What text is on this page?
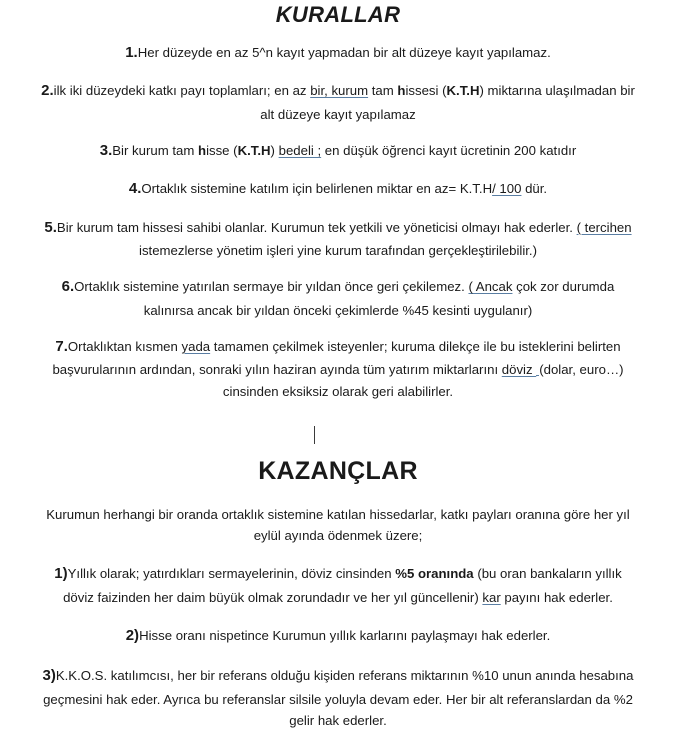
KURALLAR

1.Her düzeyde en az 5^n kayıt yapmadan bir alt düzeye kayıt yapılamaz.

2.ilk iki düzeydeki katkı payı toplamları; en az bir, kurum tam hissesi (K.T.H) miktarına ulaşılmadan bir alt düzeye kayıt yapılamaz

3.Bir kurum tam hisse (K.T.H) bedeli ; en düşük öğrenci kayıt ücretinin 200 katıdır

4.Ortaklık sistemine katılım için belirlenen miktar en az= K.T.H/ 100 dür.

5.Bir kurum tam hissesi sahibi olanlar. Kurumun tek yetkili ve yöneticisi olmayı hak ederler. ( tercihen istemezlerse yönetim işleri yine kurum tarafından gerçekleştirilebilir.)

6.Ortaklık sistemine yatırılan sermaye bir yıldan önce geri çekilemez. ( Ancak çok zor durumda kalınırsa ancak bir yıldan önceki çekimlerde %45 kesinti uygulanır)

7.Ortaklıktan kısmen yada tamamen çekilmek isteyenler; kuruma dilekçe ile bu isteklerini belirten başvurularının ardından, sonraki yılın haziran ayında tüm yatırım miktarlarını döviz (dolar, euro…) cinsinden eksiksiz olarak geri alabilirler.

KAZANÇLAR

Kurumun herhangi bir oranda ortaklık sistemine katılan hissedarlar, katkı payları oranına göre her yıl eylül ayında ödenmek üzere;

1)Yıllık olarak; yatırdıkları sermayelerinin, döviz cinsinden %5 oranında (bu oran bankaların yıllık döviz faizinden her daim büyük olmak zorundadır ve her yıl güncellenir) kar payını hak ederler.

2)Hisse oranı nispetince Kurumun yıllık karlarını paylaşmayı hak ederler.

3)K.K.O.S. katılımcısı, her bir referans olduğu kişiden referans miktarının %10 unun anında hesabına geçmesini hak eder. Ayrıca bu referanslar silsile yoluyla devam eder. Her bir alt referanslardan da %2 gelir hak ederler.
